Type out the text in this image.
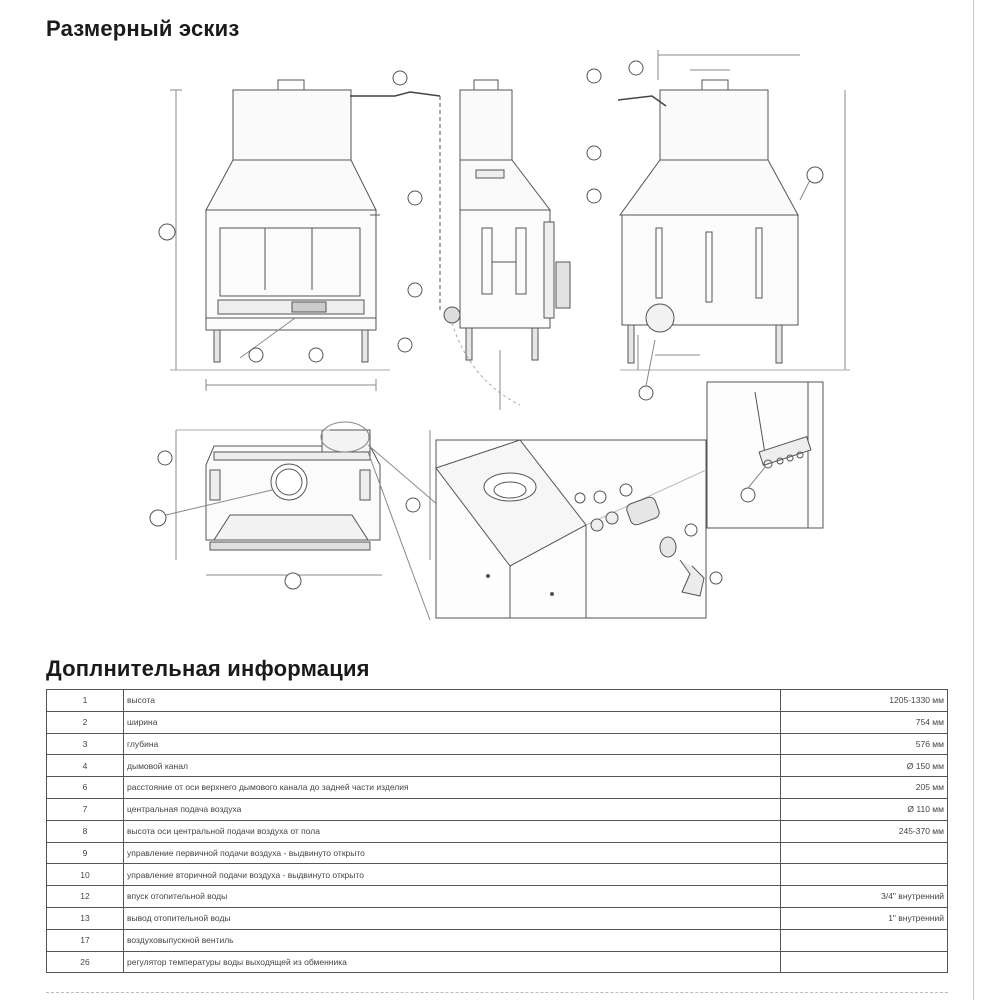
Размерный эскиз
Доплнительная информация
1	высота	1205-1330 мм
2	ширина	754 мм
3	глубина	576 мм
4	дымовой канал	Ø 150 мм
6	расстояние от оси верхнего дымового канала до задней части изделия	205 мм
7	центральная подача воздуха	Ø 110 мм
8	высота оси центральной подачи воздуха от пола	245-370 мм
9	управление первичной подачи воздуха - выдвинуто открыто	
10	управление вторичной подачи воздуха - выдвинуто открыто	
12	впуск отопительной воды	3/4" внутренний
13	вывод отопительной воды	1" внутренний
17	воздуховыпускной вентиль	
26	регулятор температуры воды выходящей из обменника	
